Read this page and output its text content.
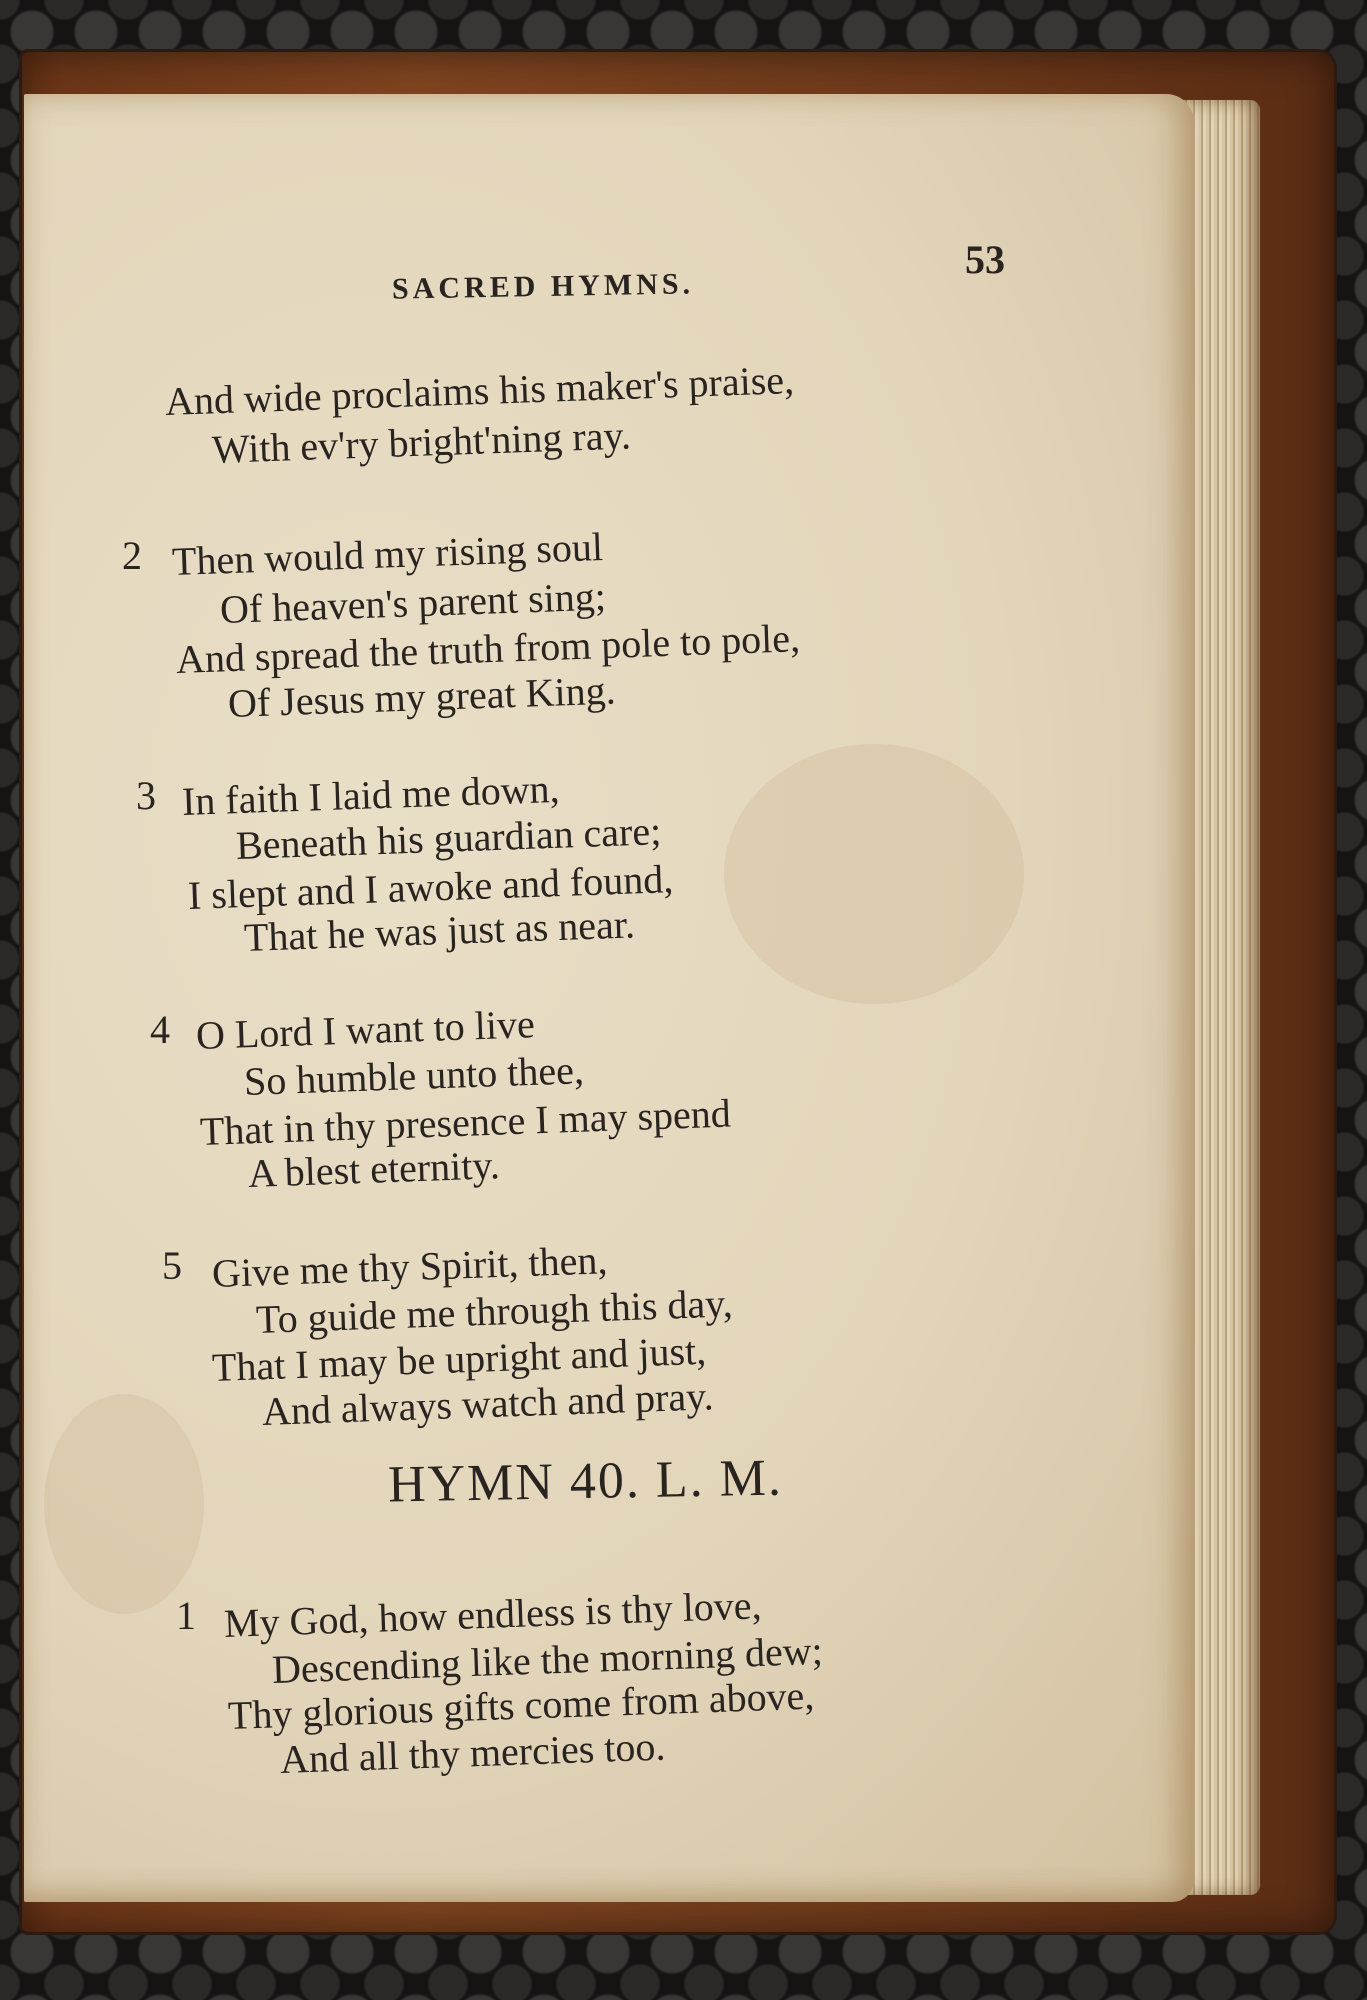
SACRED HYMNS.
53
And wide proclaims his maker's praise,
With ev'ry bright'ning ray.
2 Then would my rising soul
Of heaven's parent sing;
And spread the truth from pole to pole,
Of Jesus my great King.
3 In faith I laid me down,
Beneath his guardian care;
I slept and I awoke and found,
That he was just as near.
4 O Lord I want to live
So humble unto thee,
That in thy presence I may spend
A blest eternity.
5 Give me thy Spirit, then,
To guide me through this day,
That I may be upright and just,
And always watch and pray.
HYMN 40. L. M.
1 My God, how endless is thy love,
Descending like the morning dew;
Thy glorious gifts come from above,
And all thy mercies too.
